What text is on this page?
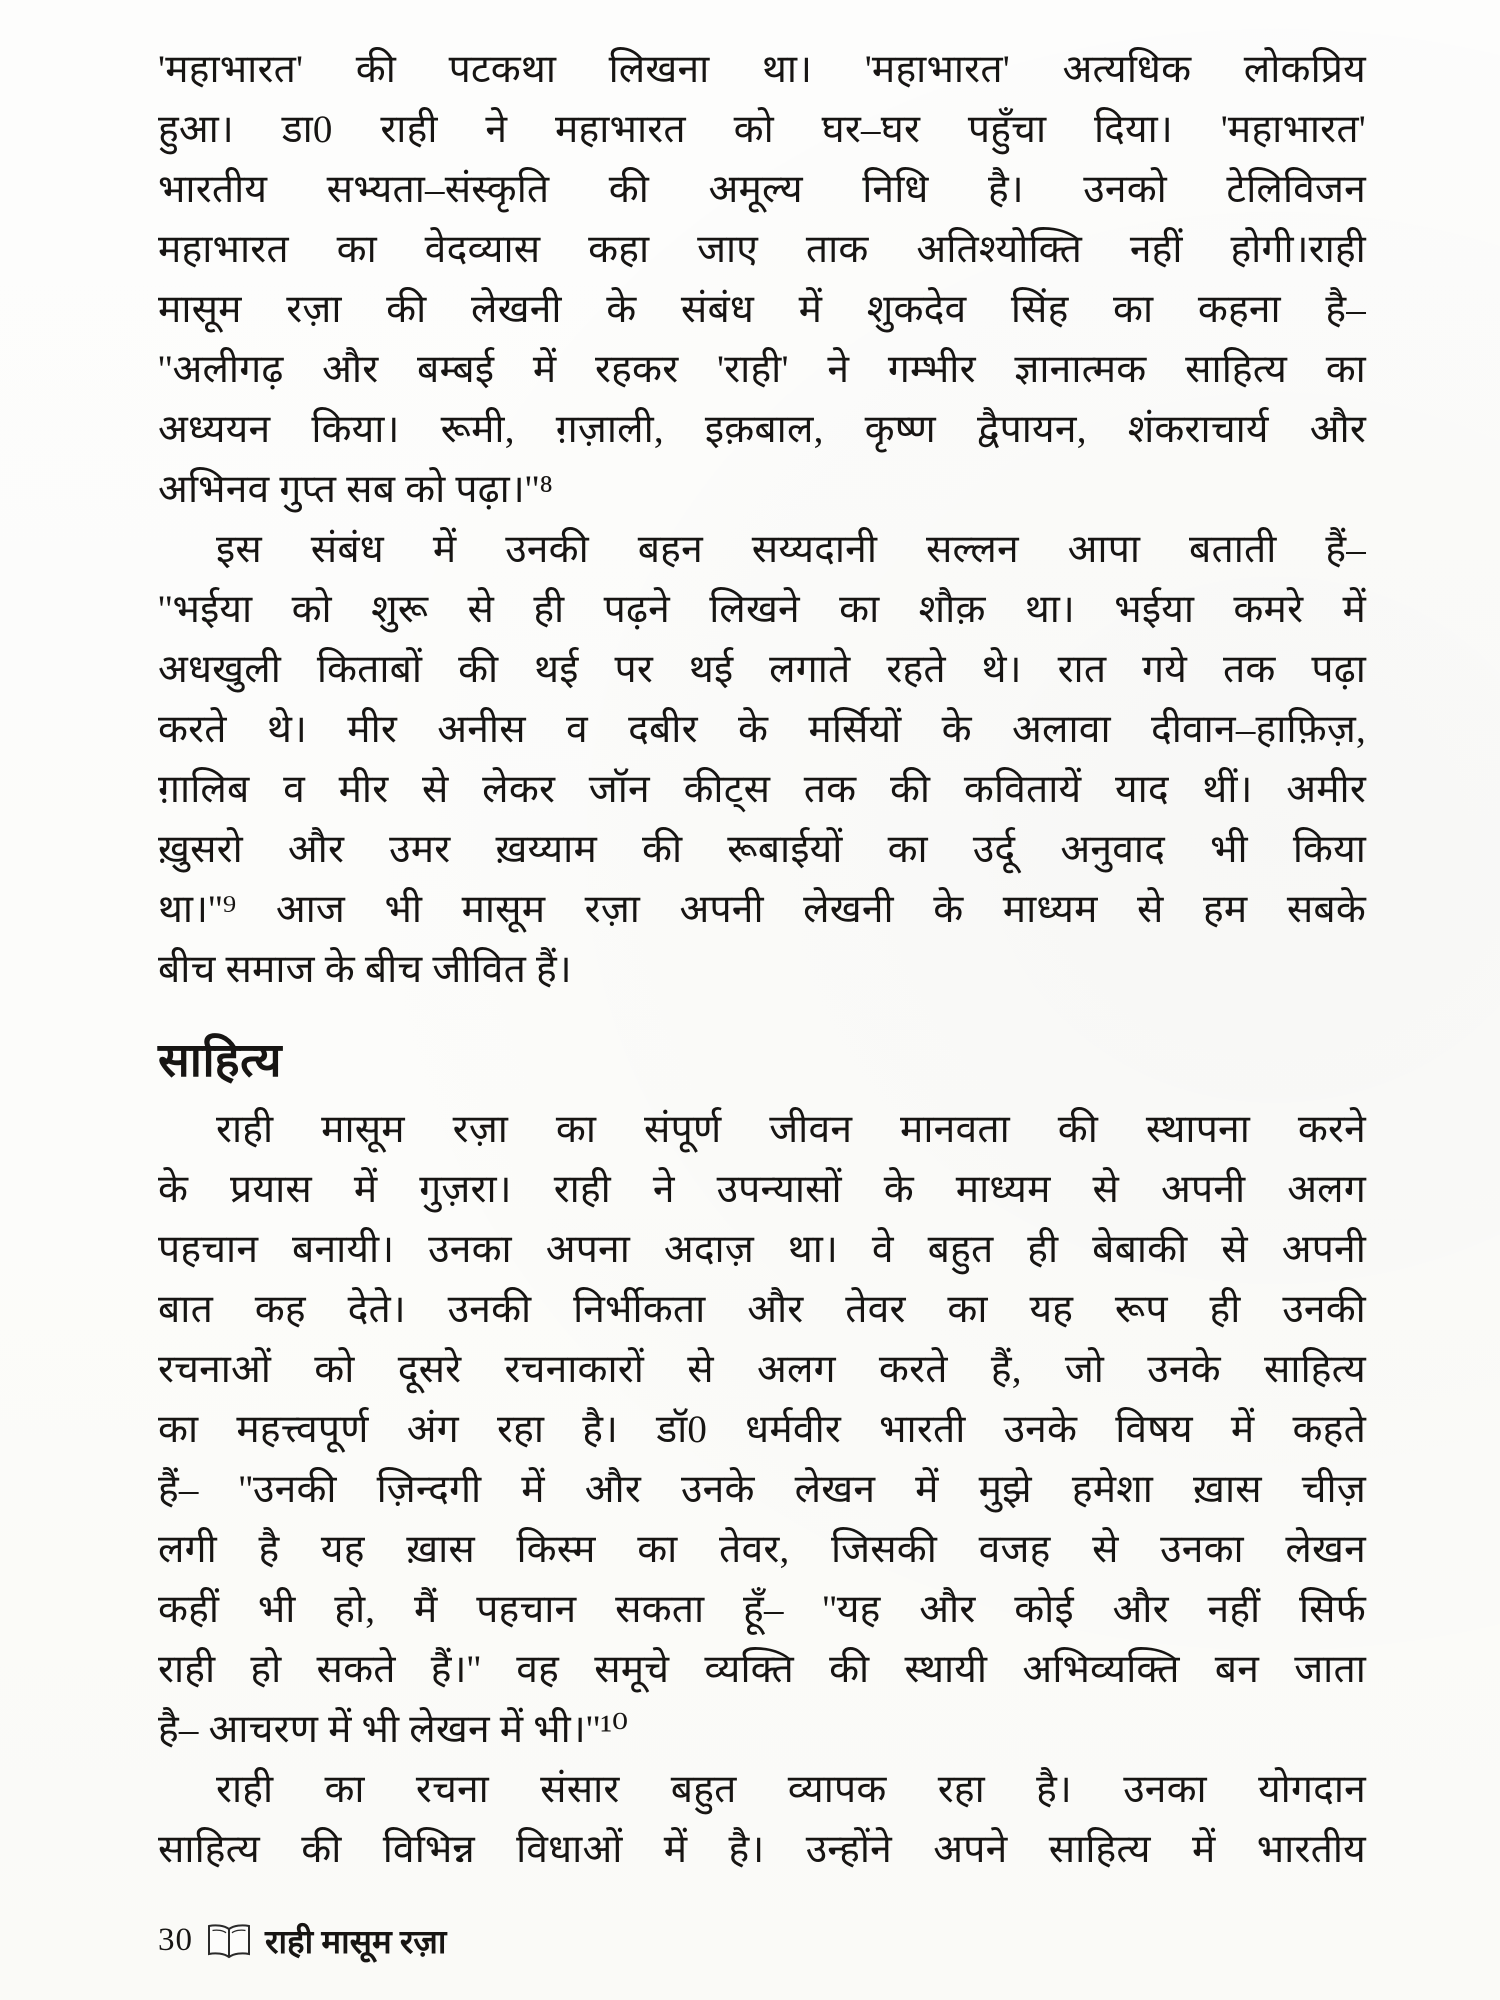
'महाभारत' की पटकथा लिखना था। 'महाभारत' अत्यधिक लोकप्रिय
हुआ। डा0 राही ने महाभारत को घर–घर पहुँचा दिया। 'महाभारत'
भारतीय सभ्यता–संस्कृति की अमूल्य निधि है। उनको टेलिविजन
महाभारत का वेदव्यास कहा जाए ताक अतिश्योक्ति नहीं होगी।राही
मासूम रज़ा की लेखनी के संबंध में शुकदेव सिंह का कहना है–
''अलीगढ़ और बम्बई में रहकर 'राही' ने गम्भीर ज्ञानात्मक साहित्य का
अध्ययन किया। रूमी, ग़ज़ाली, इक़बाल, कृष्ण द्वैपायन, शंकराचार्य और
अभिनव गुप्त सब को पढ़ा।''⁸
इस संबंध में उनकी बहन सय्यदानी सल्लन आपा बताती हैं–
''भईया को शुरू से ही पढ़ने लिखने का शौक़ था। भईया कमरे में
अधखुली किताबों की थई पर थई लगाते रहते थे। रात गये तक पढ़ा
करते थे। मीर अनीस व दबीर के मर्सियों के अलावा दीवान–हाफ़िज़,
ग़ालिब व मीर से लेकर जॉन कीट्स तक की कवितायें याद थीं। अमीर
ख़ुसरो और उमर ख़य्याम की रूबाईयों का उर्दू अनुवाद भी किया
था।''⁹ आज भी मासूम रज़ा अपनी लेखनी के माध्यम से हम सबके
बीच समाज के बीच जीवित हैं।
साहित्य
राही मासूम रज़ा का संपूर्ण जीवन मानवता की स्थापना करने
के प्रयास में गुज़रा। राही ने उपन्यासों के माध्यम से अपनी अलग
पहचान बनायी। उनका अपना अदाज़ था। वे बहुत ही बेबाकी से अपनी
बात कह देते। उनकी निर्भीकता और तेवर का यह रूप ही उनकी
रचनाओं को दूसरे रचनाकारों से अलग करते हैं, जो उनके साहित्य
का महत्त्वपूर्ण अंग रहा है। डॉ0 धर्मवीर भारती उनके विषय में कहते
हैं– ''उनकी ज़िन्दगी में और उनके लेखन में मुझे हमेशा ख़ास चीज़
लगी है यह ख़ास किस्म का तेवर, जिसकी वजह से उनका लेखन
कहीं भी हो, मैं पहचान सकता हूँ– ''यह और कोई और नहीं सिर्फ
राही हो सकते हैं।'' वह समूचे व्यक्ति की स्थायी अभिव्यक्ति बन जाता
है– आचरण में भी लेखन में भी।''¹⁰
राही का रचना संसार बहुत व्यापक रहा है। उनका योगदान
साहित्य की विभिन्न विधाओं में है। उन्होंने अपने साहित्य में भारतीय
30 राही मासूम रज़ा
